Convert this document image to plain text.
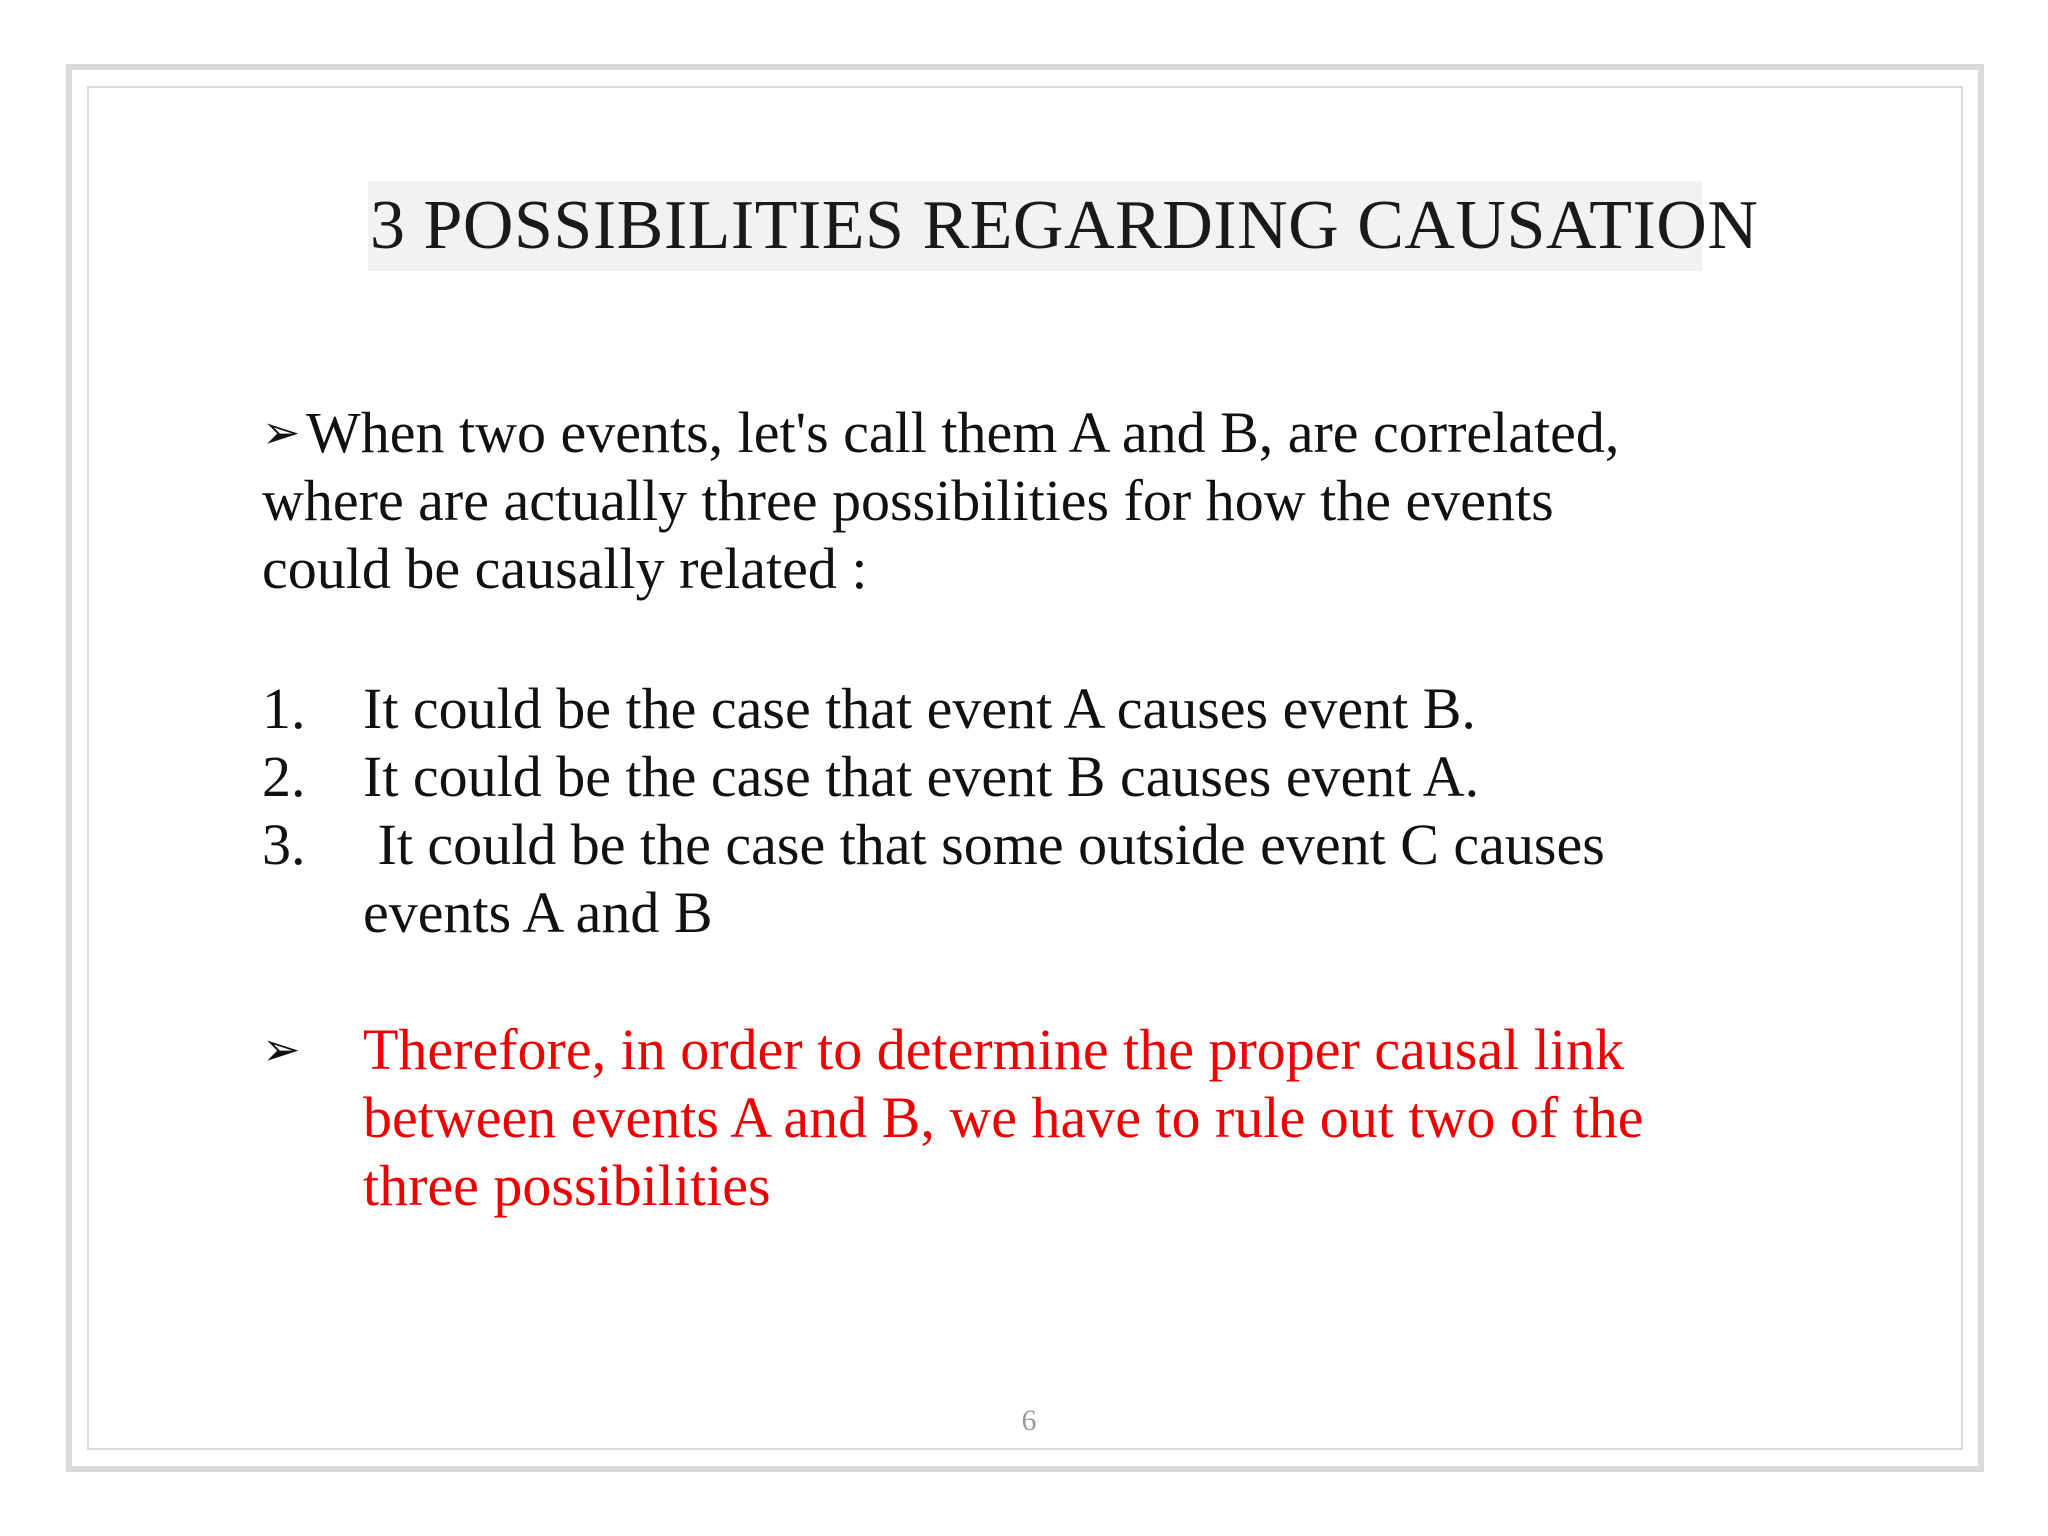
3 POSSIBILITIES REGARDING CAUSATION
➢ When two events, let's call them A and B, are correlated,
where are actually three possibilities for how the events
could be causally related :
1. It could be the case that event A causes event B.
2. It could be the case that event B causes event A.
3. It could be the case that some outside event C causes
events A and B
➢ Therefore, in order to determine the proper causal link
between events A and B, we have to rule out two of the
three possibilities
6
